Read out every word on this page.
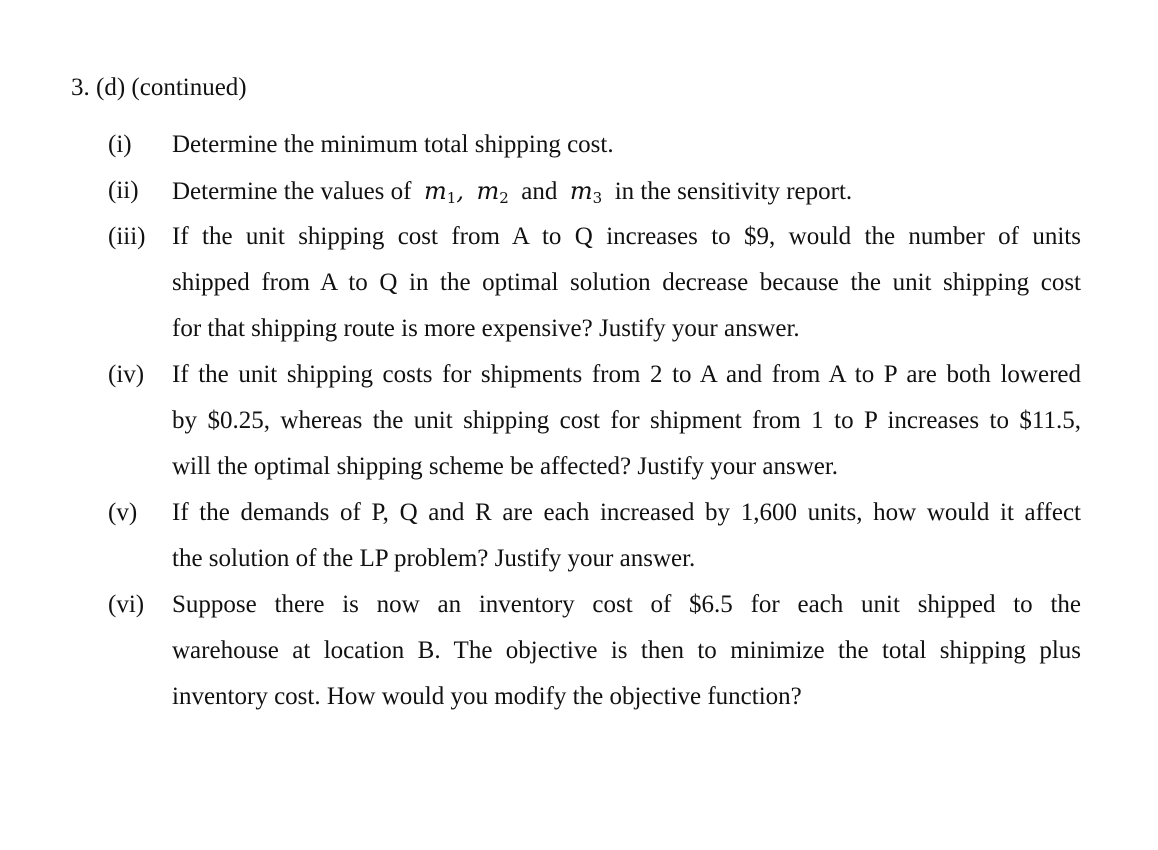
3. (d) (continued)
(i) Determine the minimum total shipping cost.
(ii) Determine the values of $m_1$, $m_2$ and $m_3$ in the sensitivity report.
(iii) If the unit shipping cost from A to Q increases to $9, would the number of units
shipped from A to Q in the optimal solution decrease because the unit shipping cost
for that shipping route is more expensive? Justify your answer.
(iv) If the unit shipping costs for shipments from 2 to A and from A to P are both lowered
by $0.25, whereas the unit shipping cost for shipment from 1 to P increases to $11.5,
will the optimal shipping scheme be affected? Justify your answer.
(v) If the demands of P, Q and R are each increased by 1,600 units, how would it affect
the solution of the LP problem? Justify your answer.
(vi) Suppose there is now an inventory cost of $6.5 for each unit shipped to the
warehouse at location B. The objective is then to minimize the total shipping plus
inventory cost. How would you modify the objective function?
